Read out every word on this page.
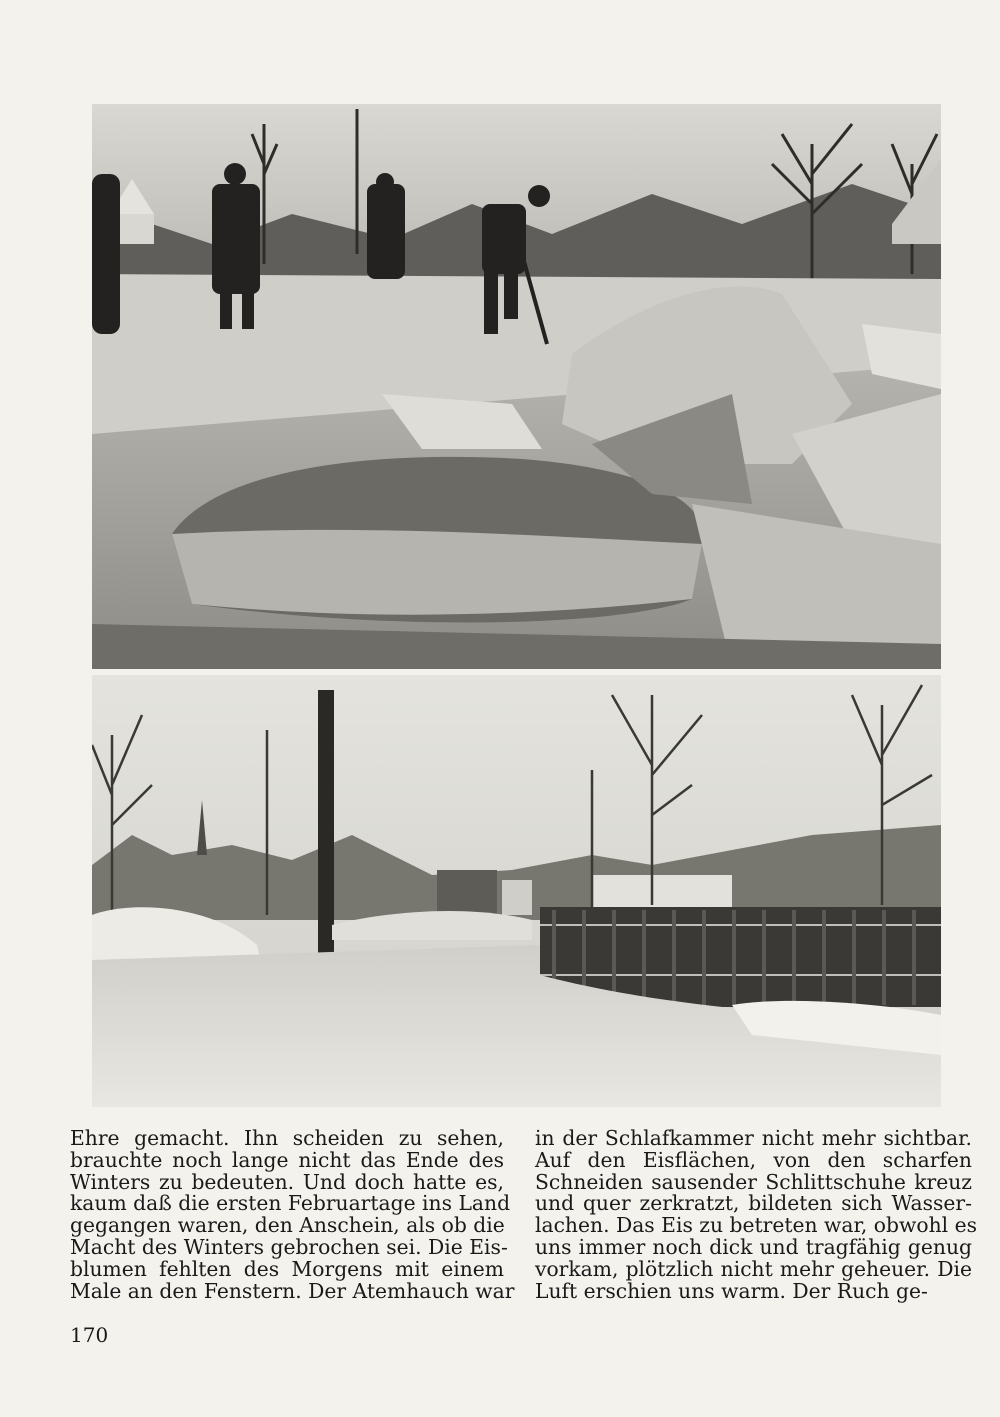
Ehre gemacht. Ihn scheiden zu sehen,
brauchte noch lange nicht das Ende des
Winters zu bedeuten. Und doch hatte es,
kaum daß die ersten Februartage ins Land
gegangen waren, den Anschein, als ob die
Macht des Winters gebrochen sei. Die Eis-
blumen fehlten des Morgens mit einem
Male an den Fenstern. Der Atemhauch war
in der Schlafkammer nicht mehr sichtbar.
Auf den Eisflächen, von den scharfen
Schneiden sausender Schlittschuhe kreuz
und quer zerkratzt, bildeten sich Wasser-
lachen. Das Eis zu betreten war, obwohl es
uns immer noch dick und tragfähig genug
vorkam, plötzlich nicht mehr geheuer. Die
Luft erschien uns warm. Der Ruch ge-
170
